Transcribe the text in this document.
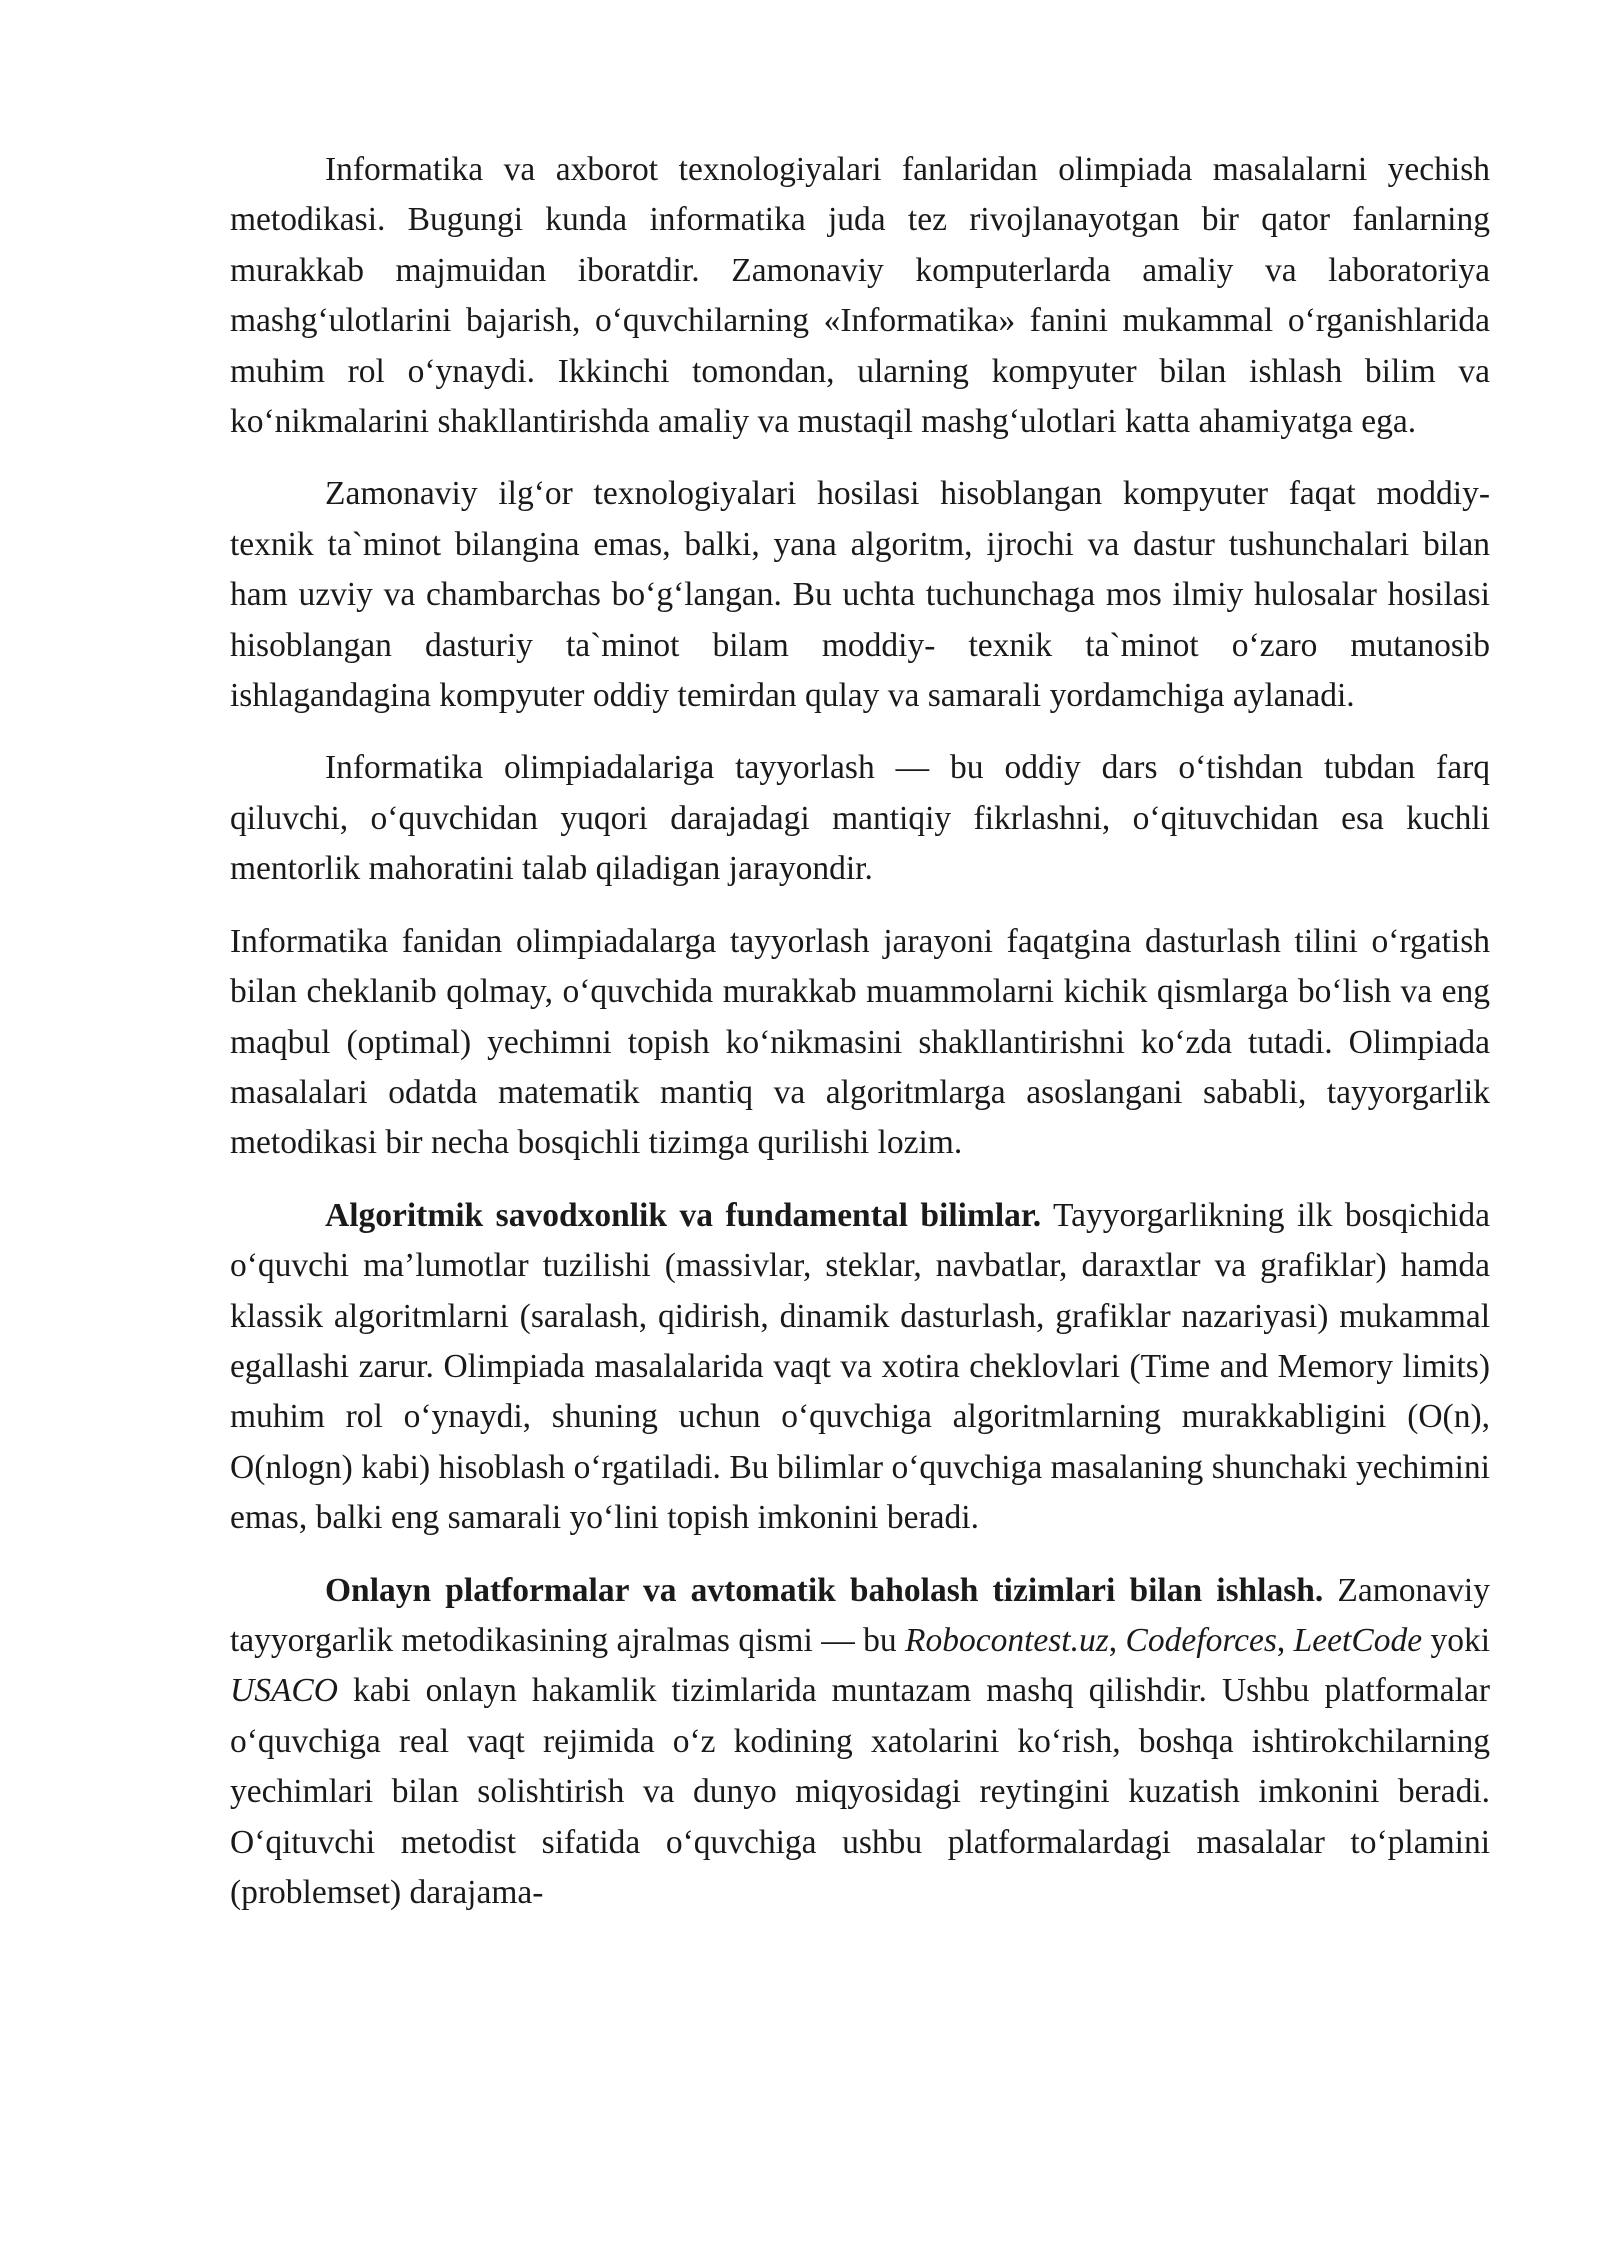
Informatika va axborot texnologiyalari fanlaridan olimpiada masalalarni yechish metodikasi. Bugungi kunda informatika juda tez rivojlanayotgan bir qator fanlarning murakkab majmuidan iboratdir. Zamonaviy komputerlarda amaliy va laboratoriya mashg‘ulotlarini bajarish, o‘quvchilarning «Informatika» fanini mukammal o‘rganishlarida muhim rol o‘ynaydi. Ikkinchi tomondan, ularning kompyuter bilan ishlash bilim va ko‘nikmalarini shakllantirishda amaliy va mustaqil mashg‘ulotlari katta ahamiyatga ega.

Zamonaviy ilg‘or texnologiyalari hosilasi hisoblangan kompyuter faqat moddiy- texnik ta`minot bilangina emas, balki, yana algoritm, ijrochi va dastur tushunchalari bilan ham uzviy va chambarchas bo‘g‘langan. Bu uchta tuchunchaga mos ilmiy hulosalar hosilasi hisoblangan dasturiy ta`minot bilam moddiy- texnik ta`minot o‘zaro mutanosib ishlagandagina kompyuter oddiy temirdan qulay va samarali yordamchiga aylanadi.

Informatika olimpiadalariga tayyorlash — bu oddiy dars o‘tishdan tubdan farq qiluvchi, o‘quvchidan yuqori darajadagi mantiqiy fikrlashni, o‘qituvchidan esa kuchli mentorlik mahoratini talab qiladigan jarayondir.

Informatika fanidan olimpiadalarga tayyorlash jarayoni faqatgina dasturlash tilini o‘rgatish bilan cheklanib qolmay, o‘quvchida murakkab muammolarni kichik qismlarga bo‘lish va eng maqbul (optimal) yechimni topish ko‘nikmasini shakllantirishni ko‘zda tutadi. Olimpiada masalalari odatda matematik mantiq va algoritmlarga asoslangani sababli, tayyorgarlik metodikasi bir necha bosqichli tizimga qurilishi lozim.

Algoritmik savodxonlik va fundamental bilimlar. Tayyorgarlikning ilk bosqichida o‘quvchi ma’lumotlar tuzilishi (massivlar, steklar, navbatlar, daraxtlar va grafiklar) hamda klassik algoritmlarni (saralash, qidirish, dinamik dasturlash, grafiklar nazariyasi) mukammal egallashi zarur. Olimpiada masalalarida vaqt va xotira cheklovlari (Time and Memory limits) muhim rol o‘ynaydi, shuning uchun o‘quvchiga algoritmlarning murakkabligini (O(n), O(nlogn) kabi) hisoblash o‘rgatiladi. Bu bilimlar o‘quvchiga masalaning shunchaki yechimini emas, balki eng samarali yo‘lini topish imkonini beradi.

Onlayn platformalar va avtomatik baholash tizimlari bilan ishlash. Zamonaviy tayyorgarlik metodikasining ajralmas qismi — bu Robocontest.uz, Codeforces, LeetCode yoki USACO kabi onlayn hakamlik tizimlarida muntazam mashq qilishdir. Ushbu platformalar o‘quvchiga real vaqt rejimida o‘z kodining xatolarini ko‘rish, boshqa ishtirokchilarning yechimlari bilan solishtirish va dunyo miqyosidagi reytingini kuzatish imkonini beradi. O‘qituvchi metodist sifatida o‘quvchiga ushbu platformalardagi masalalar to‘plamini (problemset) darajama-
